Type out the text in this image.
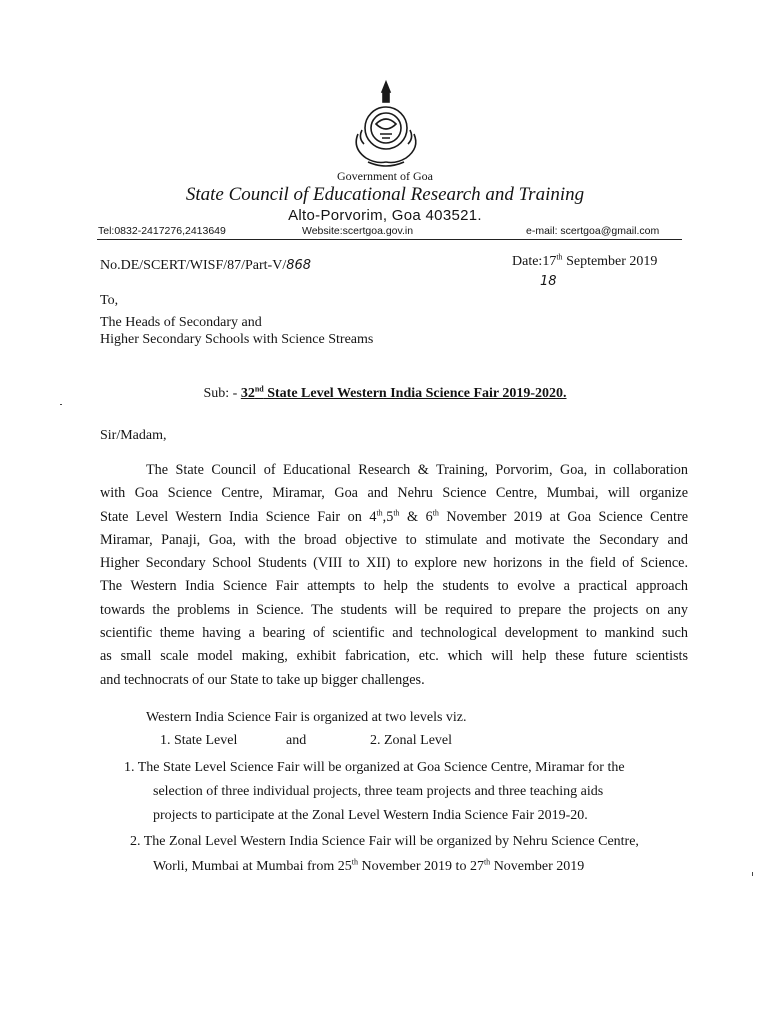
Government of Goa
State Council of Educational Research and Training
Alto-Porvorim, Goa 403521.
Tel:0832-2417276,2413649	Website:scertgoa.gov.in	e-mail: scertgoa@gmail.com
No.DE/SCERT/WISF/87/Part-V/868	Date:17th September 2019
18
To,
The Heads of Secondary and
Higher Secondary Schools with Science Streams
Sub: - 32nd State Level Western India Science Fair 2019-2020.
Sir/Madam,
The State Council of Educational Research & Training, Porvorim, Goa, in collaboration
with Goa Science Centre, Miramar, Goa and Nehru Science Centre, Mumbai, will organize
State Level Western India Science Fair on 4th,5th & 6th November 2019 at Goa Science Centre
Miramar, Panaji, Goa, with the broad objective to stimulate and motivate the Secondary and
Higher Secondary School Students (VIII to XII) to explore new horizons in the field of Science.
The Western India Science Fair attempts to help the students to evolve a practical approach
towards the problems in Science. The students will be required to prepare the projects on any
scientific theme having a bearing of scientific and technological development to mankind such
as small scale model making, exhibit fabrication, etc. which will help these future scientists
and technocrats of our State to take up bigger challenges.
Western India Science Fair is organized at two levels viz.
1. State Level	and	2. Zonal Level
1. The State Level Science Fair will be organized at Goa Science Centre, Miramar for the
selection of three individual projects, three team projects and three teaching aids
projects to participate at the Zonal Level Western India Science Fair 2019-20.
2. The Zonal Level Western India Science Fair will be organized by Nehru Science Centre,
Worli, Mumbai at Mumbai from 25th November 2019 to 27th November 2019
